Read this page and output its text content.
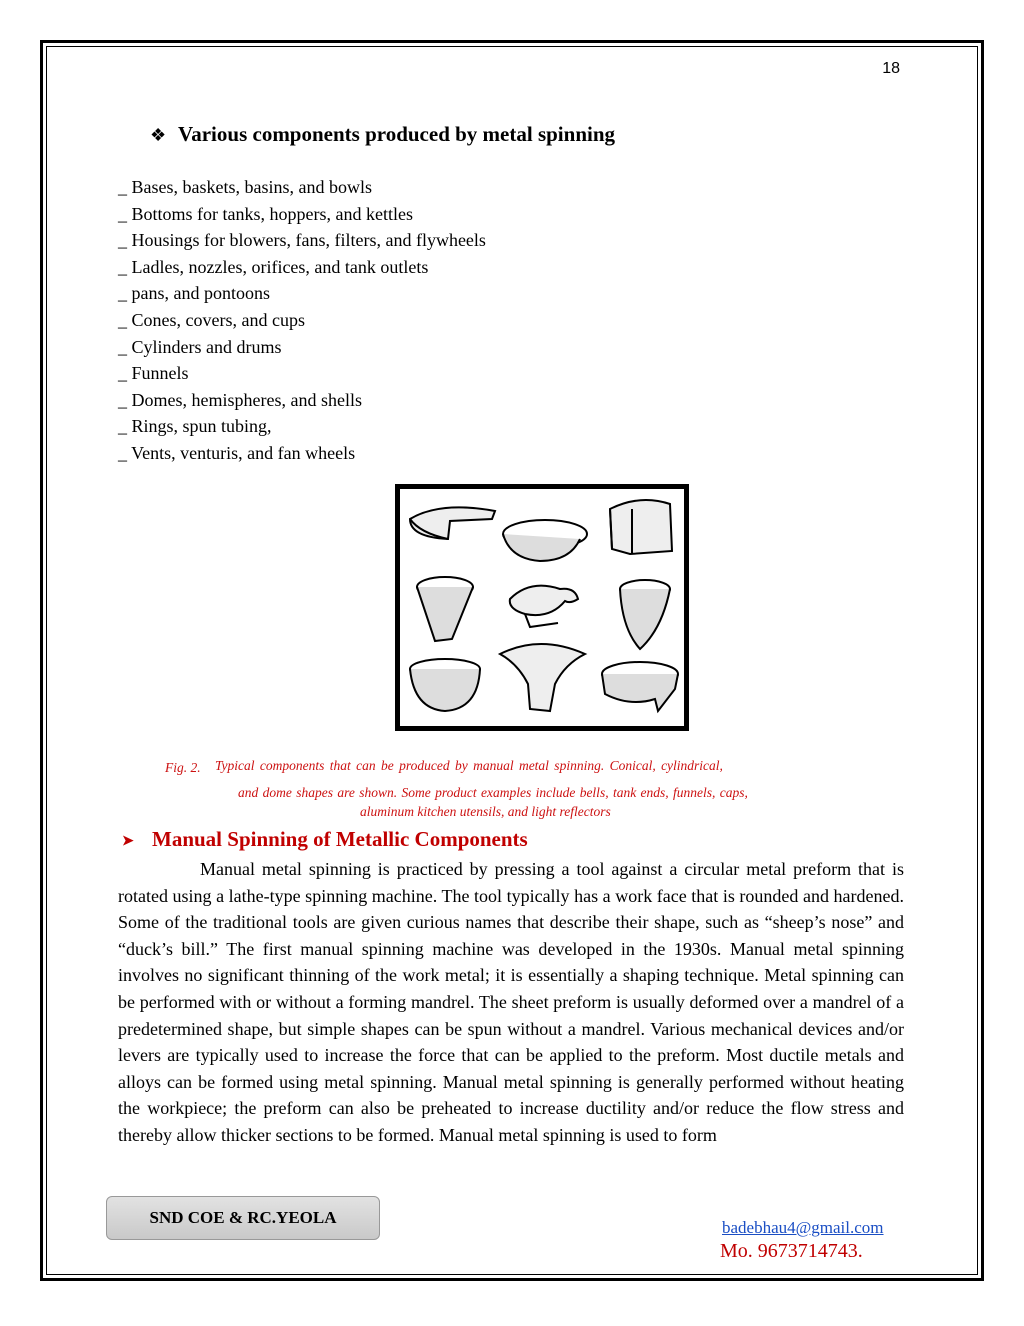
18
❖ Various components produced by metal spinning
_ Bases, baskets, basins, and bowls
_ Bottoms for tanks, hoppers, and kettles
_ Housings for blowers, fans, filters, and flywheels
_ Ladles, nozzles, orifices, and tank outlets
_ pans, and pontoons
_ Cones, covers, and cups
_ Cylinders and drums
_ Funnels
_ Domes, hemispheres, and shells
_ Rings, spun tubing,
_ Vents, venturis, and fan wheels
Fig. 2. Typical components that can be produced by manual metal spinning. Conical, cylindrical,
and dome shapes are shown. Some product examples include bells, tank ends, funnels, caps,
aluminum kitchen utensils, and light reflectors
➤ Manual Spinning of Metallic Components

Manual metal spinning is practiced by pressing a tool against a circular metal preform that is rotated using a lathe-type spinning machine. The tool typically has a work face that is rounded and hardened. Some of the traditional tools are given curious names that describe their shape, such as “sheep’s nose” and “duck’s bill.” The first manual spinning machine was developed in the 1930s. Manual metal spinning involves no significant thinning of the work metal; it is essentially a shaping technique. Metal spinning can be performed with or without a forming mandrel. The sheet preform is usually deformed over a mandrel of a predetermined shape, but simple shapes can be spun without a mandrel. Various mechanical devices and/or levers are typically used to increase the force that can be applied to the preform. Most ductile metals and alloys can be formed using metal spinning. Manual metal spinning is generally performed without heating the workpiece; the preform can also be preheated to increase ductility and/or reduce the flow stress and thereby allow thicker sections to be formed. Manual metal spinning is used to form

SND COE & RC.YEOLA
badebhau4@gmail.com
Mo. 9673714743.
